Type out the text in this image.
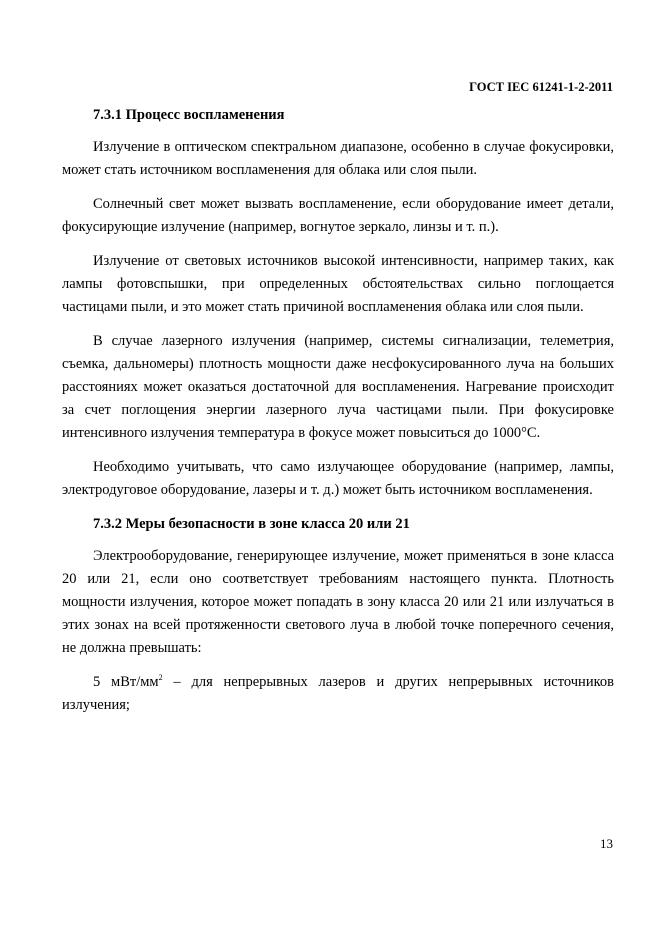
ГОСТ IEC 61241-1-2-2011
7.3.1 Процесс воспламенения

Излучение в оптическом спектральном диапазоне, особенно в случае фокусировки, может стать источником воспламенения для облака или слоя пыли.

Солнечный свет может вызвать воспламенение, если оборудование имеет детали, фокусирующие излучение (например, вогнутое зеркало, линзы и т. п.).

Излучение от световых источников высокой интенсивности, например таких, как лампы фотовспышки, при определенных обстоятельствах сильно поглощается частицами пыли, и это может стать причиной воспламенения облака или слоя пыли.

В случае лазерного излучения (например, системы сигнализации, телеметрия, съемка, дальномеры) плотность мощности даже несфокусированного луча на больших расстояниях может оказаться достаточной для воспламенения. Нагревание происходит за счет поглощения энергии лазерного луча частицами пыли. При фокусировке интенсивного излучения температура в фокусе может повыситься до 1000°С.

Необходимо учитывать, что само излучающее оборудование (например, лампы, электродуговое оборудование, лазеры и т. д.) может быть источником воспламенения.

7.3.2 Меры безопасности в зоне класса 20 или 21

Электрооборудование, генерирующее излучение, может применяться в зоне класса 20 или 21, если оно соответствует требованиям настоящего пункта. Плотность мощности излучения, которое может попадать в зону класса 20 или 21 или излучаться в этих зонах на всей протяженности светового луча в любой точке поперечного сечения, не должна превышать:

5 мВт/$мм^2$ – для непрерывных лазеров и других непрерывных источников излучения;

13
